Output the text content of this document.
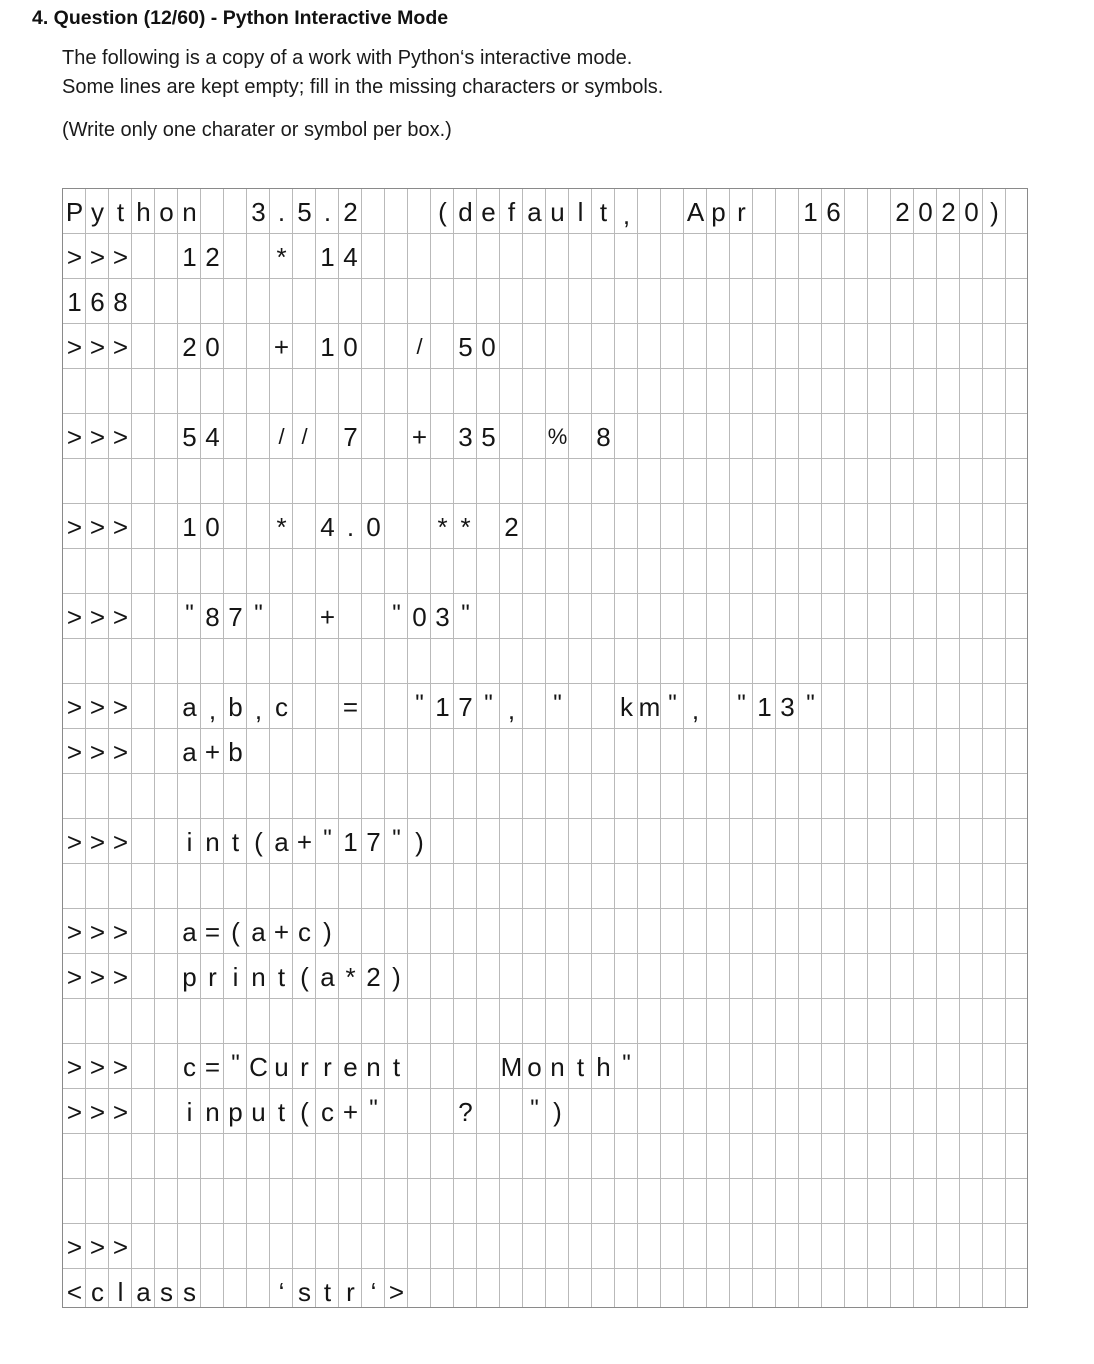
4. Question (12/60) - Python Interactive Mode
The following is a copy of a work with Python‘s interactive mode.
Some lines are kept empty; fill in the missing characters or symbols.
(Write only one charater or symbol per box.)
P y t h o n 3 . 5 . 2	( d e f a u l t ,	A p r 1 6 2 0 2 0 )
> > > 1 2 * 1 4
1 6 8
> > > 2 0 + 1 0	/	5 0
> > > 5 4	/ /	7 + 3 5 % 8
> > > 1 0 * 4 . 0 * * 2
> > >	" 8 7 " +	" 0 3 "
> > > a , b , c =	" 1 7 " ,	" k m " ,	" 1 3 "
> > > a + b
> > >	i n t ( a + " 1 7 " )
> > > a = ( a + c )
> > > p r i n t ( a * 2 )
> > > c = " C u r r e n t	M o n t h "
> > >	i n p u t ( c + "	?	" )
> > >
< c l a s s	‘ s t r ‘ >
